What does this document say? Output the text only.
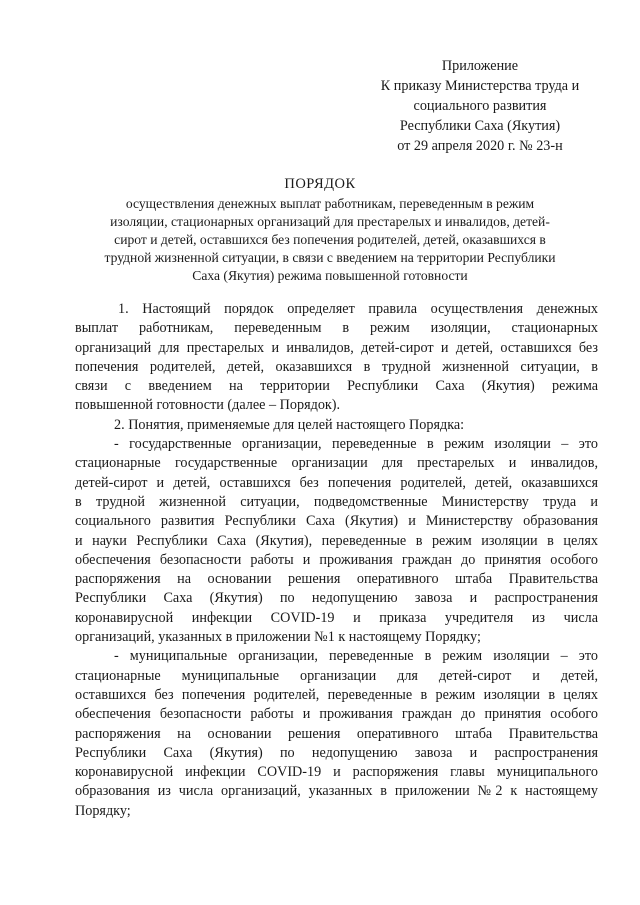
Приложение
К приказу Министерства труда и
социального развития
Республики Саха (Якутия)
от 29 апреля 2020 г. № 23-н
ПОРЯДОК
осуществления денежных выплат работникам, переведенным в режим
изоляции, стационарных организаций для престарелых и инвалидов, детей-
сирот и детей, оставшихся без попечения родителей, детей, оказавшихся в
трудной жизненной ситуации, в связи с введением на территории Республики
Саха (Якутия) режима повышенной готовности
1. Настоящий порядок определяет правила осуществления денежных
выплат работникам, переведенным в режим изоляции, стационарных
организаций для престарелых и инвалидов, детей-сирот и детей, оставшихся без
попечения родителей, детей, оказавшихся в трудной жизненной ситуации, в
связи с введением на территории Республики Саха (Якутия) режима
повышенной готовности (далее – Порядок).
2. Понятия, применяемые для целей настоящего Порядка:
- государственные организации, переведенные в режим изоляции – это
стационарные государственные организации для престарелых и инвалидов,
детей-сирот и детей, оставшихся без попечения родителей, детей, оказавшихся
в трудной жизненной ситуации, подведомственные Министерству труда и
социального развития Республики Саха (Якутия) и Министерству образования
и науки Республики Саха (Якутия), переведенные в режим изоляции в целях
обеспечения безопасности работы и проживания граждан до принятия особого
распоряжения на основании решения оперативного штаба Правительства
Республики Саха (Якутия) по недопущению завоза и распространения
коронавирусной инфекции COVID-19 и приказа учредителя из числа
организаций, указанных в приложении №1 к настоящему Порядку;
- муниципальные организации, переведенные в режим изоляции – это
стационарные муниципальные организации для детей-сирот и детей,
оставшихся без попечения родителей, переведенные в режим изоляции в целях
обеспечения безопасности работы и проживания граждан до принятия особого
распоряжения на основании решения оперативного штаба Правительства
Республики Саха (Якутия) по недопущению завоза и распространения
коронавирусной инфекции COVID-19 и распоряжения главы муниципального
образования из числа организаций, указанных в приложении №2 к настоящему
Порядку;
